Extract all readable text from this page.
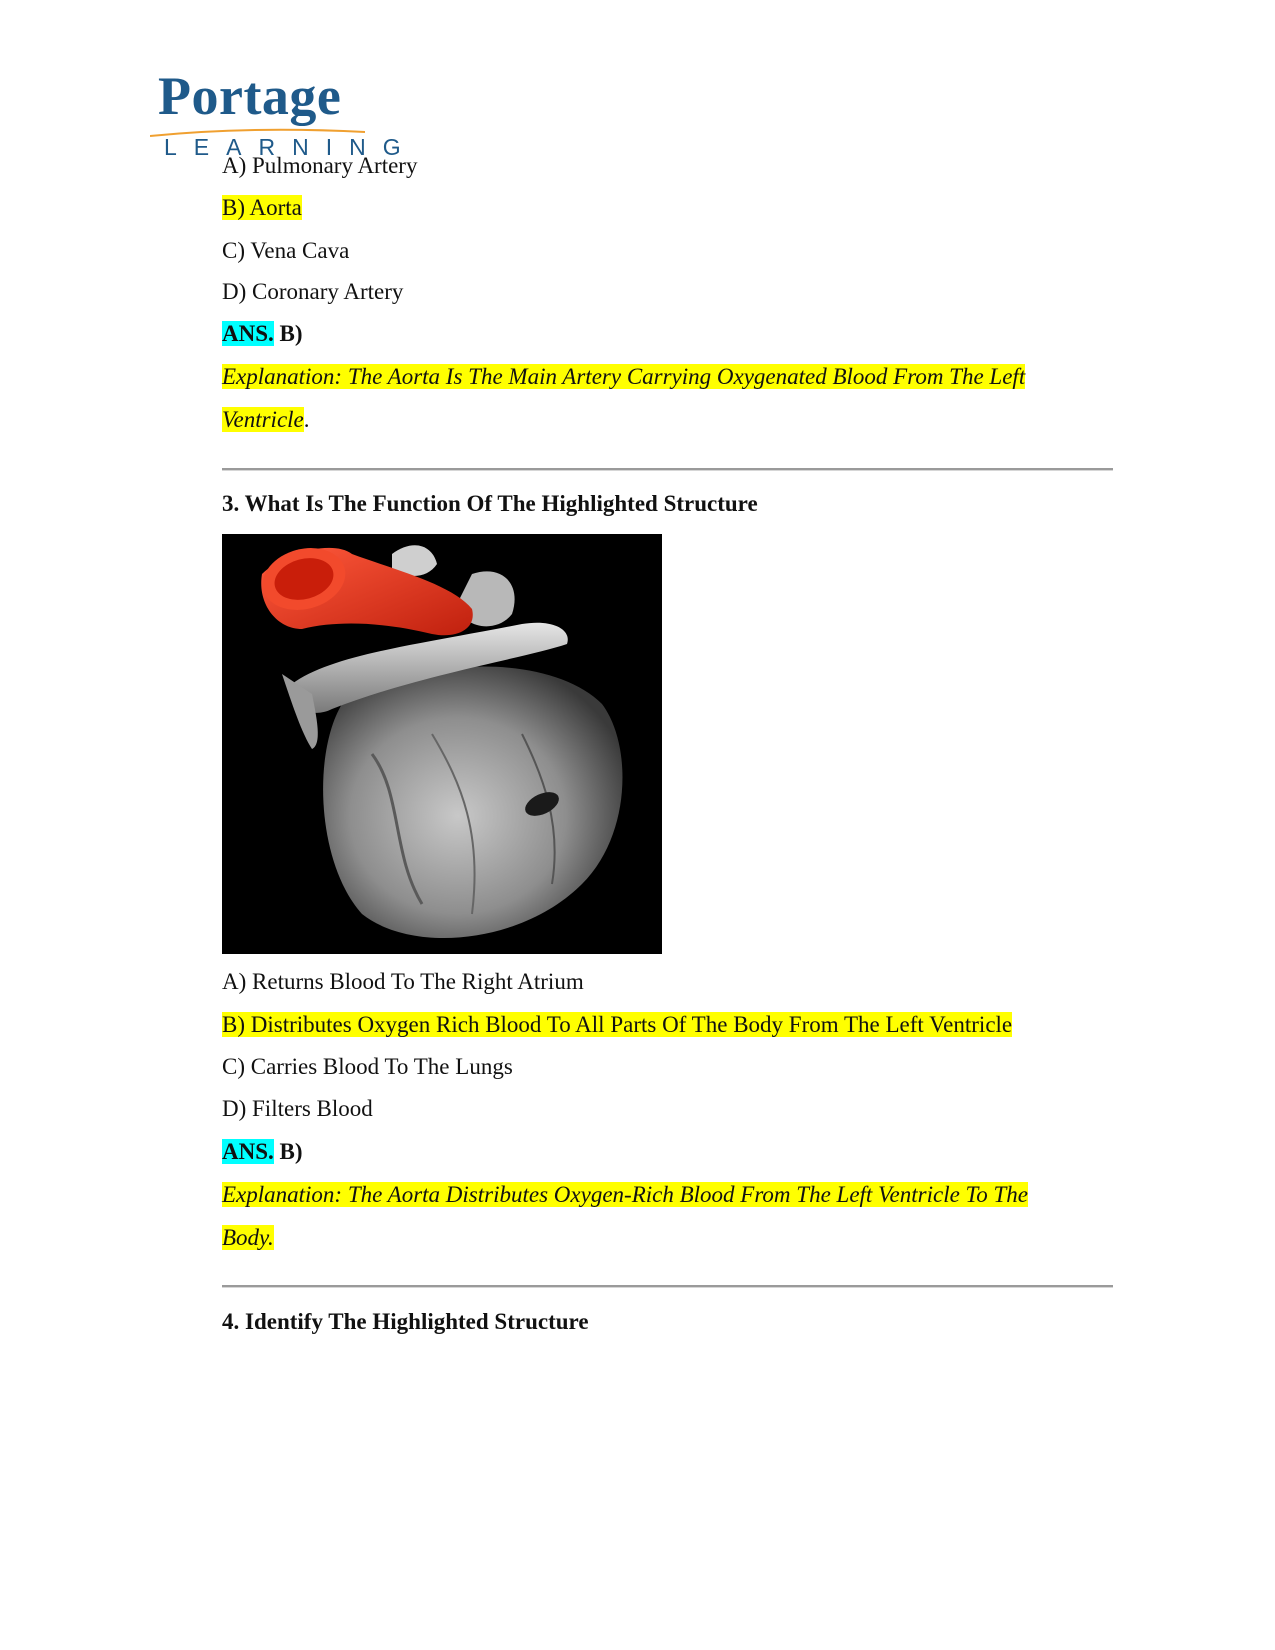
Portage
LEARNING
A) Pulmonary Artery
B) Aorta
C) Vena Cava
D) Coronary Artery
ANS. B)
Explanation: The Aorta Is The Main Artery Carrying Oxygenated Blood From The Left
Ventricle.
3. What Is The Function Of The Highlighted Structure
A) Returns Blood To The Right Atrium
B) Distributes Oxygen Rich Blood To All Parts Of The Body From The Left Ventricle
C) Carries Blood To The Lungs
D) Filters Blood
ANS. B)
Explanation: The Aorta Distributes Oxygen-Rich Blood From The Left Ventricle To The
Body.
4. Identify The Highlighted Structure
